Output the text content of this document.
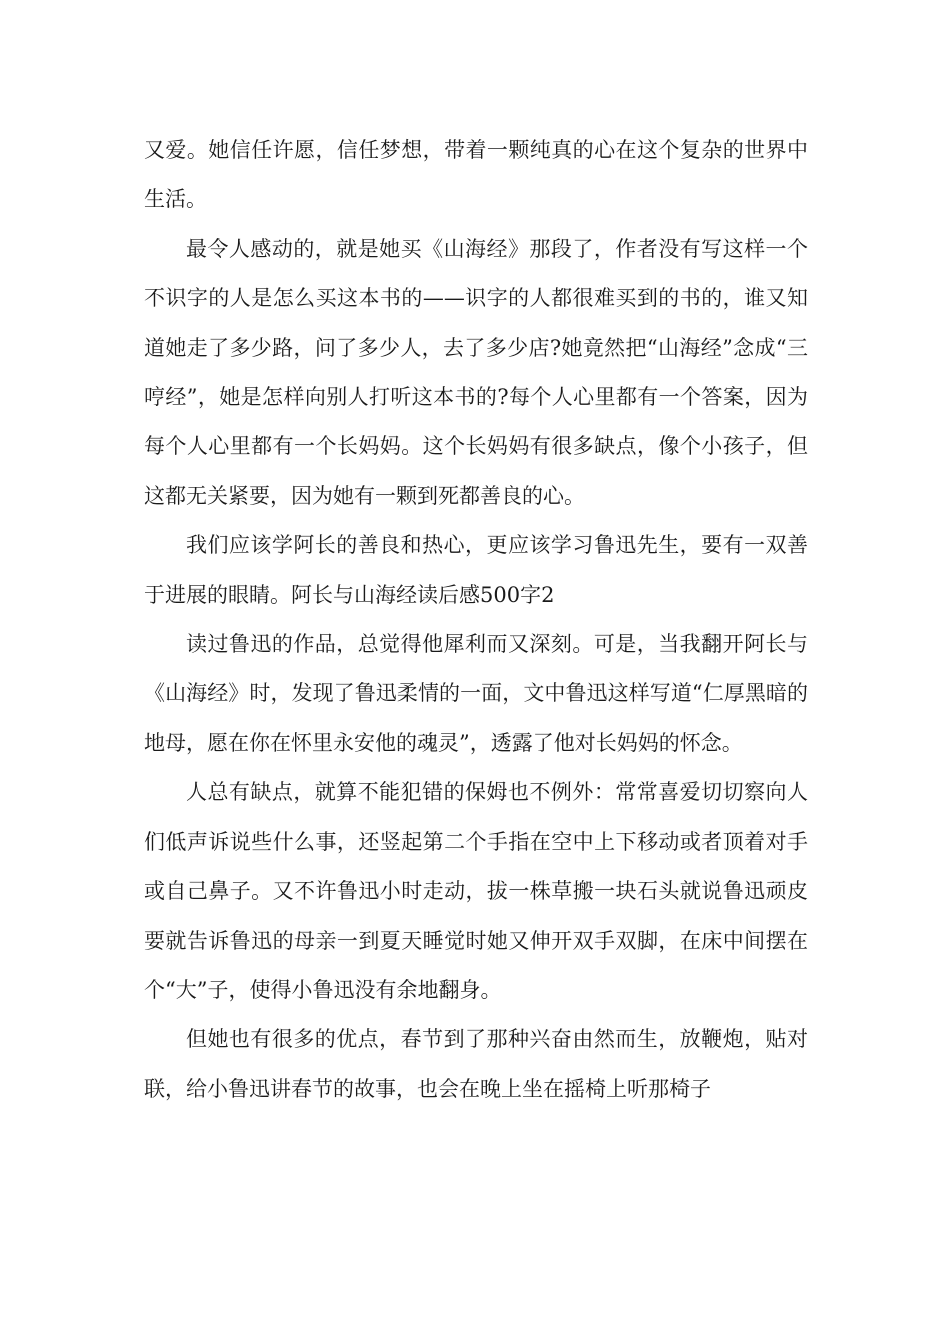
又爱。她信任许愿，信任梦想，带着一颗纯真的心在这个复杂的世界中生活。

最令人感动的，就是她买《山海经》那段了，作者没有写这样一个不识字的人是怎么买这本书的——识字的人都很难买到的书的，谁又知道她走了多少路，问了多少人，去了多少店?她竟然把“山海经”念成“三哼经”，她是怎样向别人打听这本书的?每个人心里都有一个答案，因为每个人心里都有一个长妈妈。这个长妈妈有很多缺点，像个小孩子，但这都无关紧要，因为她有一颗到死都善良的心。

我们应该学阿长的善良和热心，更应该学习鲁迅先生，要有一双善于进展的眼睛。阿长与山海经读后感500字2

读过鲁迅的作品，总觉得他犀利而又深刻。可是，当我翻开阿长与《山海经》时，发现了鲁迅柔情的一面，文中鲁迅这样写道“仁厚黑暗的地母，愿在你在怀里永安他的魂灵”，透露了他对长妈妈的怀念。

人总有缺点，就算不能犯错的保姆也不例外：常常喜爱切切察向人们低声诉说些什么事，还竖起第二个手指在空中上下移动或者顶着对手或自己鼻子。又不许鲁迅小时走动，拔一株草搬一块石头就说鲁迅顽皮要就告诉鲁迅的母亲一到夏天睡觉时她又伸开双手双脚，在床中间摆在个“大”子，使得小鲁迅没有余地翻身。

但她也有很多的优点，春节到了那种兴奋由然而生，放鞭炮，贴对联，给小鲁迅讲春节的故事，也会在晚上坐在摇椅上听那椅子
